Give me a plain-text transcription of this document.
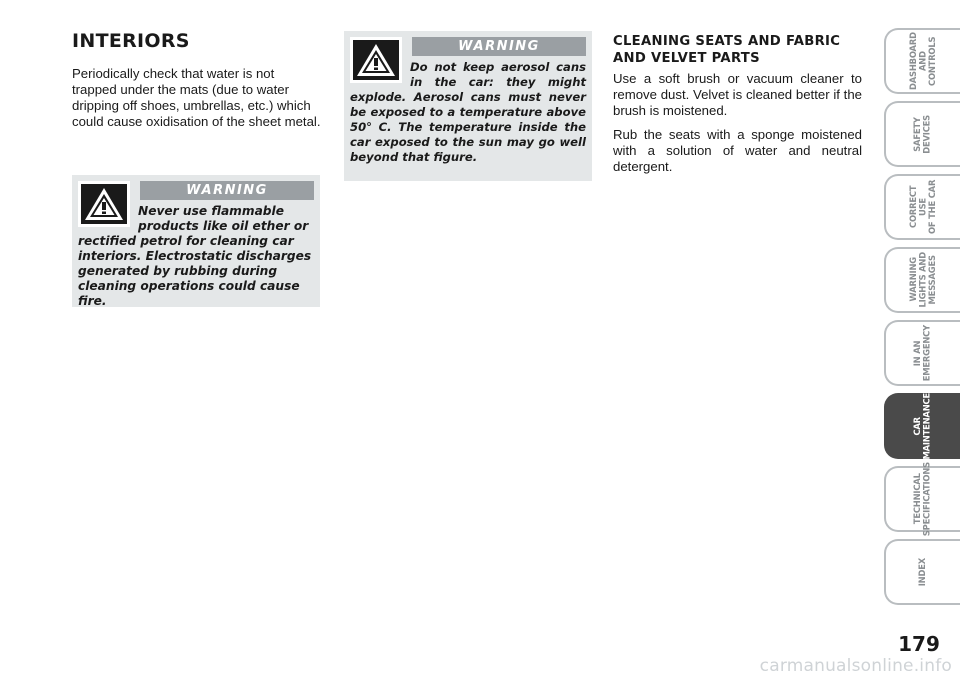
INTERIORS

Periodically check that water is not trapped under the mats (due to water dripping off shoes, umbrellas, etc.) which could cause oxidisation of the sheet metal.

WARNING

Never use flammable products like oil ether or rectified petrol for cleaning car interiors. Electrostatic discharges generated by rubbing during cleaning operations could cause fire.

WARNING

Do not keep aerosol cans in the car: they might explode. Aerosol cans must never be exposed to a temperature above 50° C. The temperature inside the car exposed to the sun may go well beyond that figure.

CLEANING SEATS AND FABRIC AND VELVET PARTS

Use a soft brush or vacuum cleaner to remove dust. Velvet is cleaned better if the brush is moistened.

Rub the seats with a sponge moistened with a solution of water and neutral detergent.

DASHBOARD
AND CONTROLS
SAFETY
DEVICES
CORRECT USE
OF THE CAR
WARNING
LIGHTS AND
MESSAGES
IN AN
EMERGENCY
CAR
MAINTENANCE
TECHNICAL
SPECIFICATIONS
INDEX
179
carmanualsonline.info
